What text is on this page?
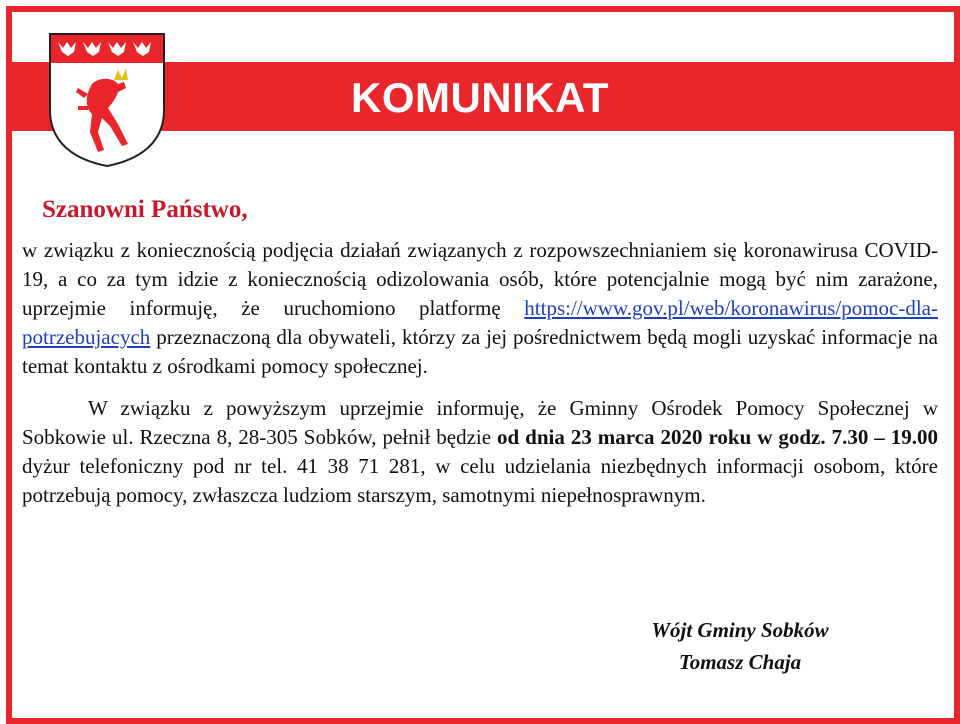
KOMUNIKAT
Szanowni Państwo,

w związku z koniecznością podjęcia działań związanych z rozpowszechnianiem się koronawirusa COVID-19, a co za tym idzie z koniecznością odizolowania osób, które potencjalnie mogą być nim zarażone, uprzejmie informuję, że uruchomiono platformę https://www.gov.pl/web/koronawirus/pomoc-dla-potrzebujacych przeznaczoną dla obywateli, którzy za jej pośrednictwem będą mogli uzyskać informacje na temat kontaktu z ośrodkami pomocy społecznej.

W związku z powyższym uprzejmie informuję, że Gminny Ośrodek Pomocy Społecznej w Sobkowie ul. Rzeczna 8, 28-305 Sobków, pełnił będzie od dnia 23 marca 2020 roku w godz. 7.30 – 19.00 dyżur telefoniczny pod nr tel. 41 38 71 281, w celu udzielania niezbędnych informacji osobom, które potrzebują pomocy, zwłaszcza ludziom starszym, samotnymi niepełnosprawnym.

Wójt Gminy Sobków
Tomasz Chaja
